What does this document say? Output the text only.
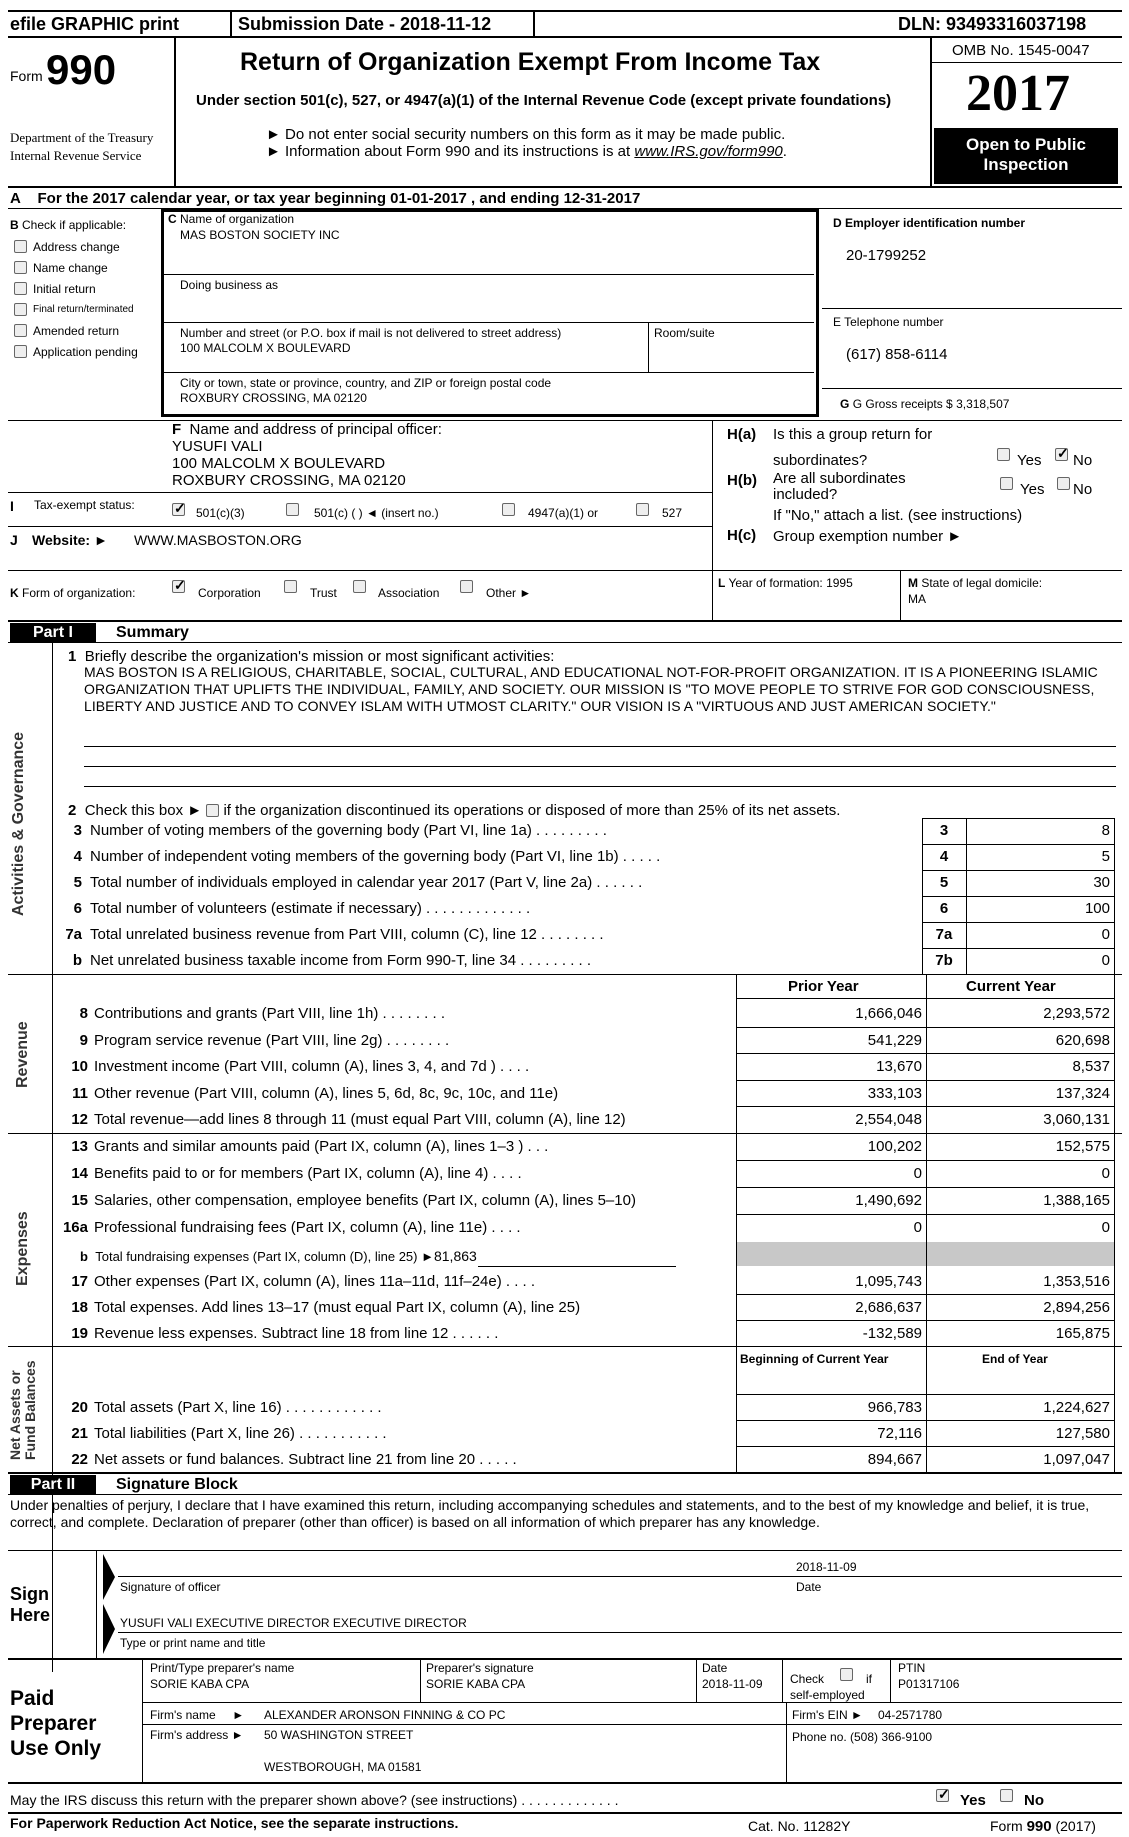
efile GRAPHIC print	Submission Date - 2018-11-12	DLN: 93493316037198
Form 990
Department of the Treasury
Internal Revenue Service
Return of Organization Exempt From Income Tax
Under section 501(c), 527, or 4947(a)(1) of the Internal Revenue Code (except private foundations)
► Do not enter social security numbers on this form as it may be made public.
► Information about Form 990 and its instructions is at www.IRS.gov/form990.
OMB No. 1545-0047
2017
Open to Public Inspection
A For the 2017 calendar year, or tax year beginning 01-01-2017 , and ending 12-31-2017
B Check if applicable:
Address change
Name change
Initial return
Final return/terminated
Amended return
Application pending
C Name of organization
MAS BOSTON SOCIETY INC
Doing business as
Number and street (or P.O. box if mail is not delivered to street address)	Room/suite
100 MALCOLM X BOULEVARD
City or town, state or province, country, and ZIP or foreign postal code
ROXBURY CROSSING, MA 02120
D Employer identification number
20-1799252
E Telephone number
(617) 858-6114
G G Gross receipts $ 3,318,507
F Name and address of principal officer:
YUSUFI VALI
100 MALCOLM X BOULEVARD
ROXBURY CROSSING, MA 02120
H(a) Is this a group return for
subordinates?	Yes ✓ No
H(b) Are all subordinates
included?	Yes No
If "No," attach a list. (see instructions)
H(c) Group exemption number ►
I Tax-exempt status:
✓
501(c)(3)	501(c) ( ) ◄ (insert no.)	4947(a)(1) or	527
J Website: ► WWW.MASBOSTON.ORG
K Form of organization: ✓	Corporation	Trust	Association	Other ►
L Year of formation: 1995	M State of legal domicile:
MA
Part I	Summary
Activities & Governance
1 Briefly describe the organization's mission or most significant activities:
MAS BOSTON IS A RELIGIOUS, CHARITABLE, SOCIAL, CULTURAL, AND EDUCATIONAL NOT-FOR-PROFIT ORGANIZATION. IT IS A PIONEERING ISLAMIC ORGANIZATION THAT UPLIFTS THE INDIVIDUAL, FAMILY, AND SOCIETY. OUR MISSION IS "TO MOVE PEOPLE TO STRIVE FOR GOD CONSCIOUSNESS, LIBERTY AND JUSTICE AND TO CONVEY ISLAM WITH UTMOST CLARITY." OUR VISION IS A "VIRTUOUS AND JUST AMERICAN SOCIETY."
2 Check this box ► if the organization discontinued its operations or disposed of more than 25% of its net assets.
3 Number of voting members of the governing body (Part VI, line 1a) . . . . . . . . .	3	8
4 Number of independent voting members of the governing body (Part VI, line 1b) . . . . .	4	5
5 Total number of individuals employed in calendar year 2017 (Part V, line 2a) . . . . . .	5	30
6 Total number of volunteers (estimate if necessary) . . . . . . . . . . . . .	6	100
7a Total unrelated business revenue from Part VIII, column (C), line 12 . . . . . . . .	7a	0
b Net unrelated business taxable income from Form 990-T, line 34 . . . . . . . . .	7b	0
Prior Year	Current Year
Revenue
8 Contributions and grants (Part VIII, line 1h) . . . . . . . .	1,666,046	2,293,572
9 Program service revenue (Part VIII, line 2g) . . . . . . . .	541,229	620,698
10 Investment income (Part VIII, column (A), lines 3, 4, and 7d ) . . . .	13,670	8,537
11 Other revenue (Part VIII, column (A), lines 5, 6d, 8c, 9c, 10c, and 11e)	333,103	137,324
12 Total revenue—add lines 8 through 11 (must equal Part VIII, column (A), line 12)	2,554,048	3,060,131
Expenses
13 Grants and similar amounts paid (Part IX, column (A), lines 1–3 ) . . .	100,202	152,575
14 Benefits paid to or for members (Part IX, column (A), line 4) . . . .	0	0
15 Salaries, other compensation, employee benefits (Part IX, column (A), lines 5–10)	1,490,692	1,388,165
16a Professional fundraising fees (Part IX, column (A), line 11e) . . . .	0	0
b Total fundraising expenses (Part IX, column (D), line 25) ►81,863
17 Other expenses (Part IX, column (A), lines 11a–11d, 11f–24e) . . . .	1,095,743	1,353,516
18 Total expenses. Add lines 13–17 (must equal Part IX, column (A), line 25)	2,686,637	2,894,256
19 Revenue less expenses. Subtract line 18 from line 12 . . . . . .	-132,589	165,875
Net Assets or Fund Balances
Beginning of Current Year	End of Year
20 Total assets (Part X, line 16) . . . . . . . . . . . .	966,783	1,224,627
21 Total liabilities (Part X, line 26) . . . . . . . . . . .	72,116	127,580
22 Net assets or fund balances. Subtract line 21 from line 20 . . . . .	894,667	1,097,047
Part II	Signature Block
Under penalties of perjury, I declare that I have examined this return, including accompanying schedules and statements, and to the best of my knowledge and belief, it is true, correct, and complete. Declaration of preparer (other than officer) is based on all information of which preparer has any knowledge.
Sign Here
2018-11-09
Signature of officer	Date
YUSUFI VALI EXECUTIVE DIRECTOR EXECUTIVE DIRECTOR
Type or print name and title
Paid Preparer Use Only
Print/Type preparer's name
SORIE KABA CPA
Preparer's signature
SORIE KABA CPA
Date
2018-11-09 Check	if
self-employed
PTIN
P01317106
Firm's name     ► ALEXANDER ARONSON FINNING & CO PC	Firm's EIN ► 04-2571780
Firm's address ► 50 WASHINGTON STREET	Phone no. (508) 366-9100
WESTBOROUGH, MA 01581
May the IRS discuss this return with the preparer shown above? (see instructions) . . . . . . . . . . . . . ✓	Yes	No
For Paperwork Reduction Act Notice, see the separate instructions.	Cat. No. 11282Y	Form 990 (2017)
